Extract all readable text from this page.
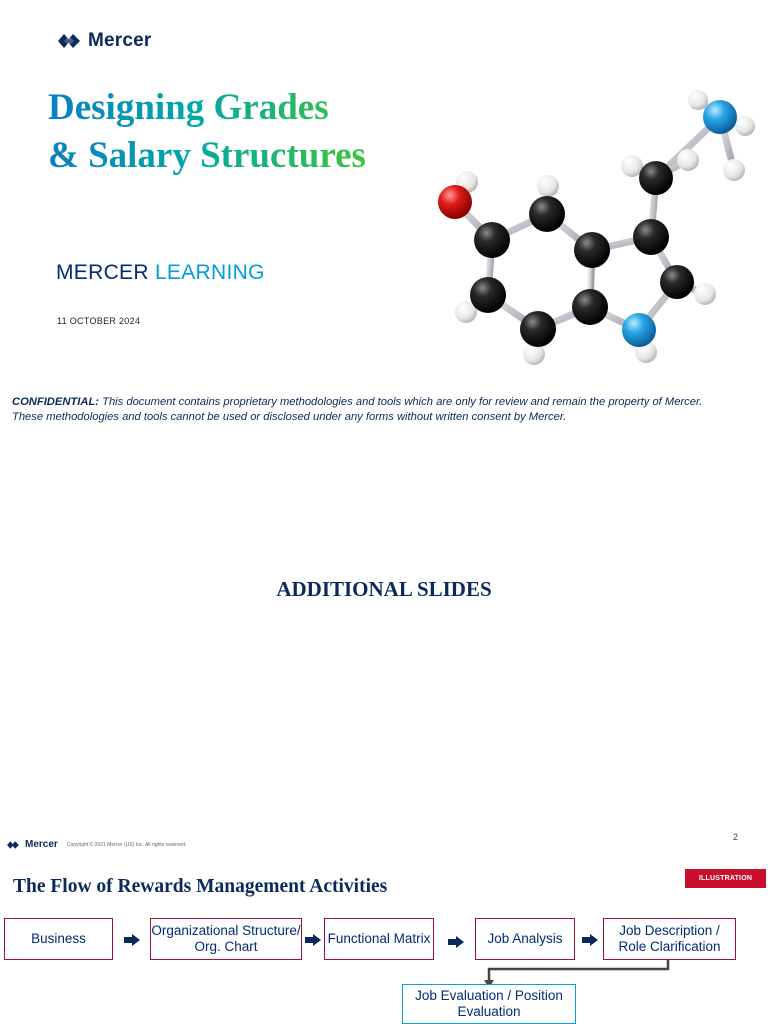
Mercer
Designing Grades
& Salary Structures
MERCER LEARNING
11 OCTOBER 2024
CONFIDENTIAL: This document contains proprietary methodologies and tools which are only for review and remain the property of Mercer.
These methodologies and tools cannot be used or disclosed under any forms without written consent by Mercer.
ADDITIONAL SLIDES
Mercer Copyright © 2021 Mercer (US) Inc. All rights reserved.
2
The Flow of Rewards Management Activities	ILLUSTRATION
Business
Organizational Structure/ Org. Chart
Functional Matrix	Job Analysis
Job Description / Role Clarification
Job Evaluation / Position Evaluation
